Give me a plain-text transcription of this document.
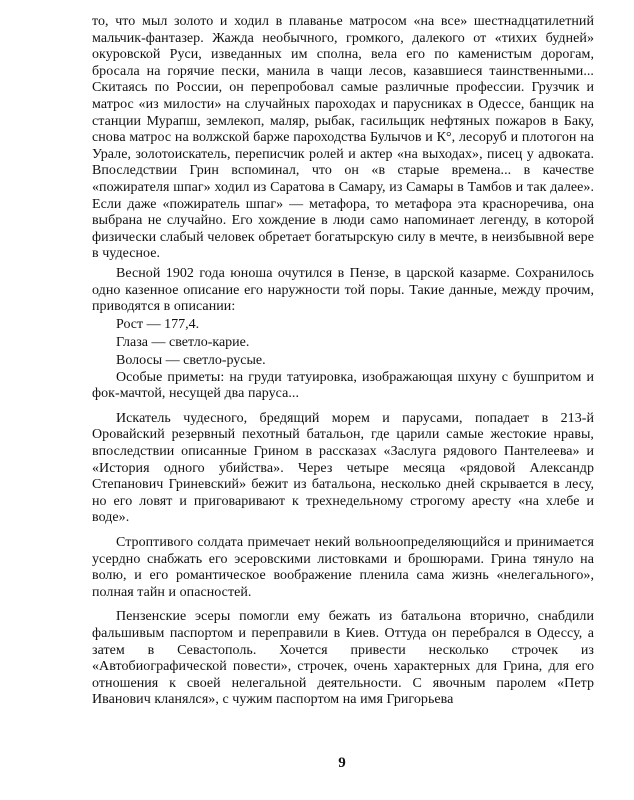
то, что мыл золото и ходил в плаванье матросом «на все» шестнадцатилетний мальчик-фантазер. Жажда необычного, громкого, далекого от «тихих будней» окуровской Руси, изведанных им сполна, вела его по каменистым дорогам, бросала на горячие пески, манила в чащи лесов, казавшиеся таинственными... Скитаясь по России, он перепробовал самые различные профессии. Грузчик и матрос «из милости» на случайных пароходах и парусниках в Одессе, банщик на станции Мурапш, землекоп, маляр, рыбак, гасильщик нефтяных пожаров в Баку, снова матрос на волжской барже пароходства Булычов и К°, лесоруб и плотогон на Урале, золотоискатель, переписчик ролей и актер «на выходах», писец у адвоката. Впоследствии Грин вспоминал, что он «в старые времена... в качестве «пожирателя шпаг» ходил из Саратова в Самару, из Самары в Тамбов и так далее». Если даже «пожиратель шпаг» — метафора, то метафора эта красноречива, она выбрана не случайно. Его хождение в люди само напоминает легенду, в которой физически слабый человек обретает богатырскую силу в мечте, в неизбывной вере в чудесное.

Весной 1902 года юноша очутился в Пензе, в царской казарме. Сохранилось одно казенное описание его наружности той поры. Такие данные, между прочим, приводятся в описании:

Рост — 177,4.

Глаза — светло-карие.

Волосы — светло-русые.

Особые приметы: на груди татуировка, изображающая шхуну с бушпритом и фок-мачтой, несущей два паруса...

Искатель чудесного, бредящий морем и парусами, попадает в 213-й Оровайский резервный пехотный батальон, где царили самые жестокие нравы, впоследствии описанные Грином в рассказах «Заслуга рядового Пантелеева» и «История одного убийства». Через четыре месяца «рядовой Александр Степанович Гриневский» бежит из батальона, несколько дней скрывается в лесу, но его ловят и приговаривают к трехнедельному строгому аресту «на хлебе и воде».

Строптивого солдата примечает некий вольноопределяющийся и принимается усердно снабжать его эсеровскими листовками и брошюрами. Грина тянуло на волю, и его романтическое воображение пленила сама жизнь «нелегального», полная тайн и опасностей.

Пензенские эсеры помогли ему бежать из батальона вторично, снабдили фальшивым паспортом и переправили в Киев. Оттуда он перебрался в Одессу, а затем в Севастополь. Хочется привести несколько строчек из «Автобиографической повести», строчек, очень характерных для Грина, для его отношения к своей нелегальной деятельности. С явочным паролем «Петр Иванович кланялся», с чужим паспортом на имя Григорьева

9
